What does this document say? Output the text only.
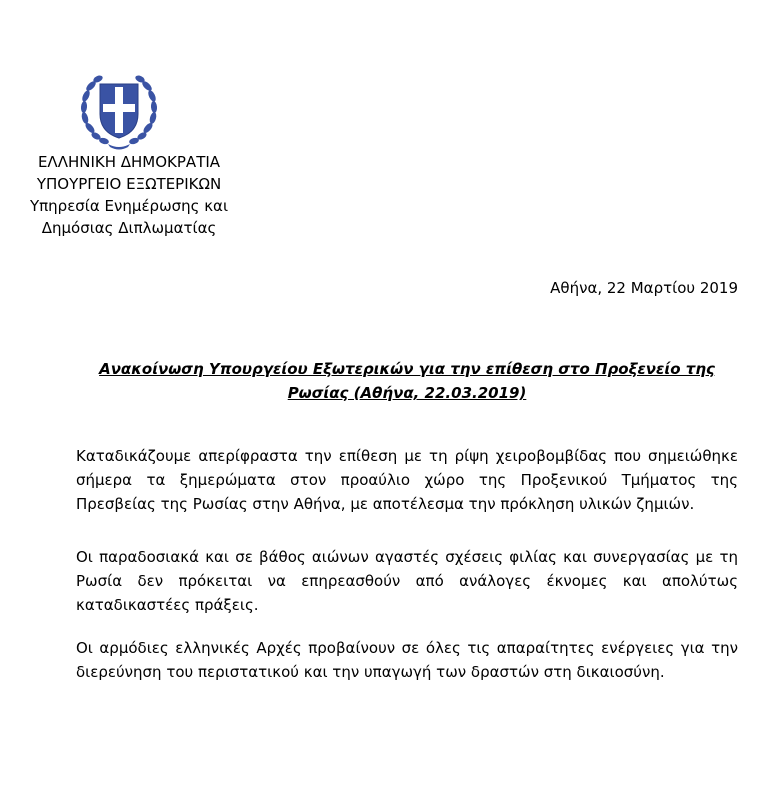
ΕΛΛΗΝΙΚΗ ΔΗΜΟΚΡΑΤΙΑ
ΥΠΟΥΡΓΕΙΟ ΕΞΩΤΕΡΙΚΩΝ
Υπηρεσία Ενημέρωσης και
Δημόσιας Διπλωματίας
Αθήνα, 22 Μαρτίου 2019
Ανακοίνωση Υπουργείου Εξωτερικών για την επίθεση στο Προξενείο της
Ρωσίας (Αθήνα, 22.03.2019)
Καταδικάζουμε απερίφραστα την επίθεση με τη ρίψη χειροβομβίδας που σημειώθηκε
σήμερα τα ξημερώματα στον προαύλιο χώρο της Προξενικού Τμήματος της
Πρεσβείας της Ρωσίας στην Αθήνα, με αποτέλεσμα την πρόκληση υλικών ζημιών.
Οι παραδοσιακά και σε βάθος αιώνων αγαστές σχέσεις φιλίας και συνεργασίας με τη
Ρωσία δεν πρόκειται να επηρεασθούν από ανάλογες έκνομες και απολύτως
καταδικαστέες πράξεις.
Οι αρμόδιες ελληνικές Αρχές προβαίνουν σε όλες τις απαραίτητες ενέργειες για την
διερεύνηση του περιστατικού και την υπαγωγή των δραστών στη δικαιοσύνη.
